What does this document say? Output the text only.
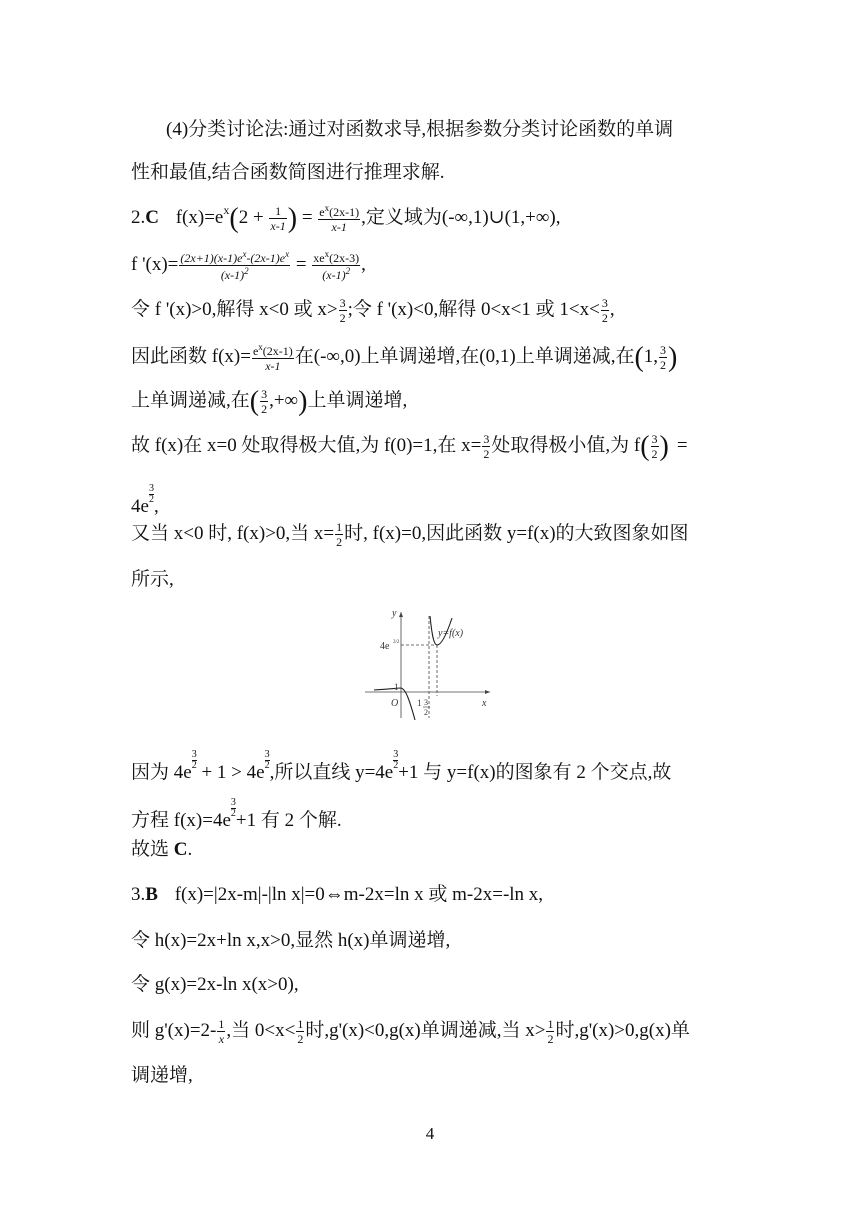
(4)分类讨论法:通过对函数求导,根据参数分类讨论函数的单调
性和最值,结合函数简图进行推理求解.
2.C $f(x)=e^x(2 + \frac{1}{x-1}$ ) = $\frac{e^x(2x-1)}{x-1}$ ,定义域为(-∞,1)∪(1,+∞),
f '$(x)= \frac{(2x+1)(x-1)e^x-(2x-1)e^x}{(x-1)^2} = \frac{xe^x(2x-3)}{(x-1)^2}$ ,
令 f '(x)>0,解得 x<0 或 $x> \frac{3}{2}$ ;令 f '(x)<0,解得 0<x<1 或 $1<x< \frac{3}{2}$ ,
因此函数 $f(x)= \frac{e^x(2x-1)}{x-1}$ 在(-∞,0)上单调递增,在(0,1)上单调递减,在(1, $\frac{3}{2}$ )
上单调递减,在( $\frac{3}{2}$ ,+∞)上单调递增,
故 f(x)在 x=0 处取得极大值,为 f(0)=1,在 $x= \frac{3}{2}$ 处取得极小值,为 $f( \frac{3}{2}$ ) =
4e
$\frac{3}{2}$
,
又当 x<0 时, f(x)>0,当 $x= \frac{1}{2}$ 时, f(x)=0,因此函数 y=f(x)的大致图象如图
所示,
y
x
y=f(x)
O
4e 3/2
1
1 3
2
因为 4e
$\frac{3}{2}$
+ 1 > 4e
$\frac{3}{2}$
,所以直线 y=4e
$\frac{3}{2}$
+1 与 y=f(x)的图象有 2 个交点,故
方程 f(x)=4e
$\frac{3}{2}$
+1 有 2 个解.
故选 C.
3.B f(x)=|2x-m|-|ln x|=0⇔m-2x=ln x 或 m-2x=-ln x,
令 h(x)=2x+ln x,x>0,显然 h(x)单调递增,
令 g(x)=2x-ln x(x>0),
则 $g'(x)=2- \frac{1}{x}$ ,当 $0<x< \frac{1}{2}$ 时,g'(x)<0,g(x)单调递减,当 $x> \frac{1}{2}$ 时,g'(x)>0,g(x)单
调递增,
4
